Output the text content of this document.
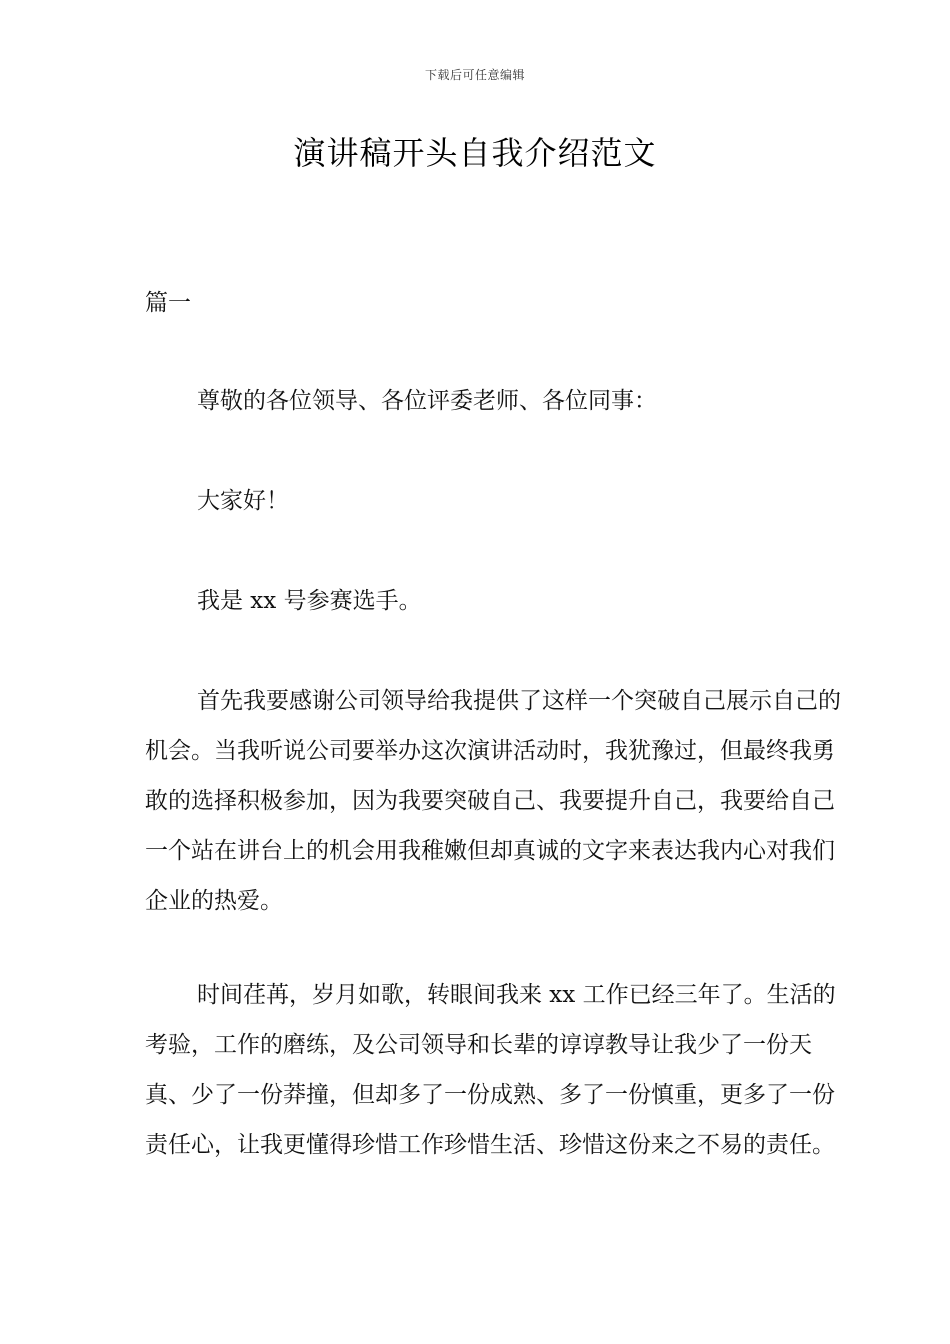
下载后可任意编辑
演讲稿开头自我介绍范文

篇一

尊敬的各位领导、各位评委老师、各位同事：

大家好！

我是 xx 号参赛选手。

首先我要感谢公司领导给我提供了这样一个突破自己展示自己的机会。当我听说公司要举办这次演讲活动时，我犹豫过，但最终我勇敢的选择积极参加，因为我要突破自己、我要提升自己，我要给自己一个站在讲台上的机会用我稚嫩但却真诚的文字来表达我内心对我们企业的热爱。

时间荏苒，岁月如歌，转眼间我来 xx 工作已经三年了。生活的考验，工作的磨练，及公司领导和长辈的谆谆教导让我少了一份天真、少了一份莽撞，但却多了一份成熟、多了一份慎重，更多了一份责任心，让我更懂得珍惜工作珍惜生活、珍惜这份来之不易的责任。
